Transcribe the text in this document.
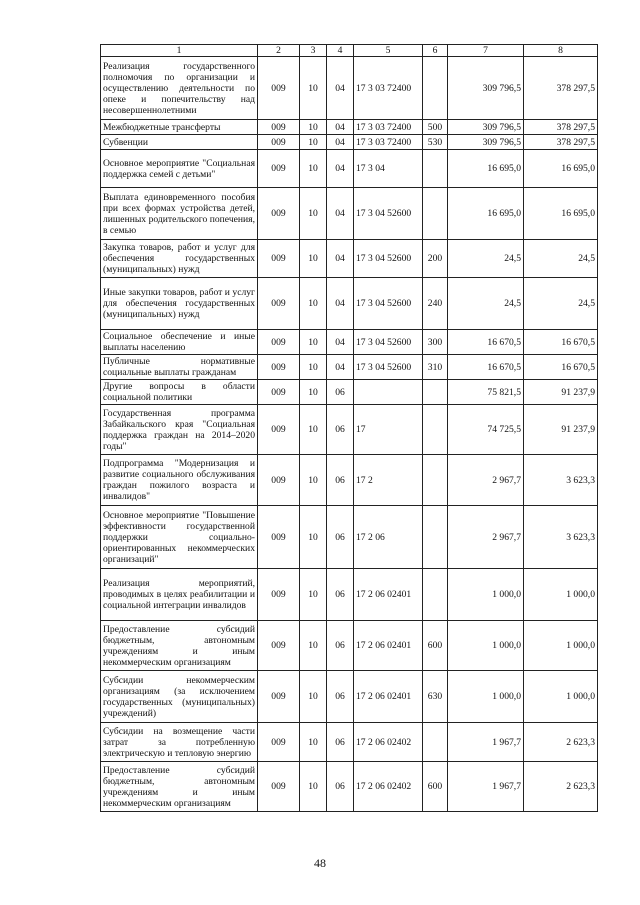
1	2	3	4	5	6	7	8
Реализация государственного полномочия по организации и осуществлению деятельности по опеке и попечительству над несовершеннолетними	009	10	04	17 3 03 72400		309 796,5	378 297,5
Межбюджетные трансферты	009	10	04	17 3 03 72400	500	309 796,5	378 297,5
Субвенции	009	10	04	17 3 03 72400	530	309 796,5	378 297,5
Основное мероприятие "Социальная поддержка семей с детьми"	009	10	04	17 3 04		16 695,0	16 695,0
Выплата единовременного пособия при всех формах устройства детей, лишенных родительского попечения, в семью	009	10	04	17 3 04 52600		16 695,0	16 695,0
Закупка товаров, работ и услуг для обеспечения государственных (муниципальных) нужд	009	10	04	17 3 04 52600	200	24,5	24,5
Иные закупки товаров, работ и услуг для обеспечения государственных (муниципальных) нужд	009	10	04	17 3 04 52600	240	24,5	24,5
Социальное обеспечение и иные выплаты населению	009	10	04	17 3 04 52600	300	16 670,5	16 670,5
Публичные нормативные социальные выплаты гражданам	009	10	04	17 3 04 52600	310	16 670,5	16 670,5
Другие вопросы в области социальной политики	009	10	06			75 821,5	91 237,9
Государственная программа Забайкальского края "Социальная поддержка граждан на 2014–2020 годы"	009	10	06	17		74 725,5	91 237,9
Подпрограмма "Модернизация и развитие социального обслуживания граждан пожилого возраста и инвалидов"	009	10	06	17 2		2 967,7	3 623,3
Основное мероприятие "Повышение эффективности государственной поддержки социально-ориентированных некоммерческих организаций"	009	10	06	17 2 06		2 967,7	3 623,3
Реализация мероприятий, проводимых в целях реабилитации и социальной интеграции инвалидов	009	10	06	17 2 06 02401		1 000,0	1 000,0
Предоставление субсидий бюджетным, автономным учреждениям и иным некоммерческим организациям	009	10	06	17 2 06 02401	600	1 000,0	1 000,0
Субсидии некоммерческим организациям (за исключением государственных (муниципальных) учреждений)	009	10	06	17 2 06 02401	630	1 000,0	1 000,0
Субсидии на возмещение части затрат за потребленную электрическую и тепловую энергию	009	10	06	17 2 06 02402		1 967,7	2 623,3
Предоставление субсидий бюджетным, автономным учреждениям и иным некоммерческим организациям	009	10	06	17 2 06 02402	600	1 967,7	2 623,3
48
